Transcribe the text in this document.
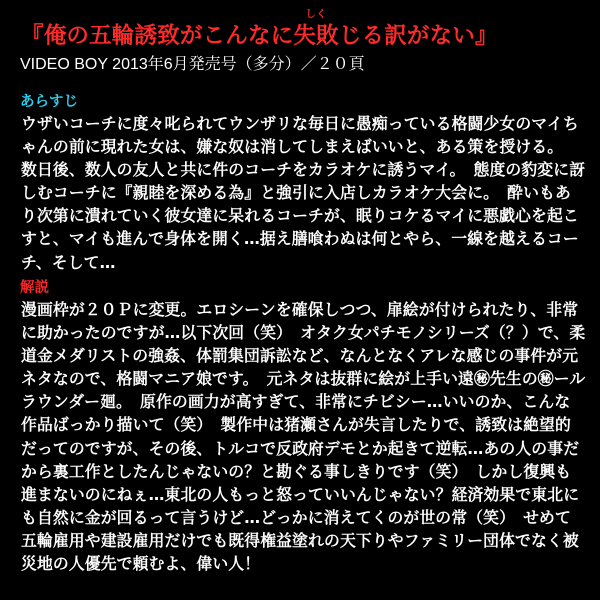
『俺の五輪誘致がこんなに
しく
失敗じる訳がない』
VIDEO BOY 2013年6月発売号（多分）／２０頁
あらすじ
ウザいコーチに度々叱られてウンザリな毎日に愚痴っている格闘少女のマイちゃんの前に現れた女は、嫌な奴は消してしまえばいいと、ある策を授ける。　数日後、数人の友人と共に件のコーチをカラオケに誘うマイ。　態度の豹変に訝しむコーチに『親睦を深める為』と強引に入店しカラオケ大会に。　酔いもあり次第に潰れていく彼女達に呆れるコーチが、眠りコケるマイに悪戯心を起こすと、マイも進んで身体を開く…据え膳喰わぬは何とやら、一線を越えるコーチ、そして…
解説
漫画枠が２０Ｐに変更。エロシーンを確保しつつ、扉絵が付けられたり、非常に助かったのですが…以下次回（笑）　オタク女パチモノシリーズ（？）で、柔道金メダリストの強姦、体罰集団訴訟など、なんとなくアレな感じの事件が元ネタなので、格闘マニア娘です。　元ネタは抜群に絵が上手い遠㊙先生の㊙ールラウンダー廻。　原作の画力が高すぎて、非常にチビシー…いいのか、こんな作品ばっかり描いて（笑）　製作中は猪瀬さんが失言したりで、誘致は絶望的だってのですが、その後、トルコで反政府デモとか起きて逆転…あの人の事だから裏工作としたんじゃないの？と勘ぐる事しきりです（笑）　しかし復興も進まないのにねぇ…東北の人もっと怒っていいんじゃない？経済効果で東北にも自然に金が回るって言うけど…どっかに消えてくのが世の常（笑）　せめて五輪雇用や建設雇用だけでも既得権益塗れの天下りやファミリー団体でなく被災地の人優先で頼むよ、偉い人！
